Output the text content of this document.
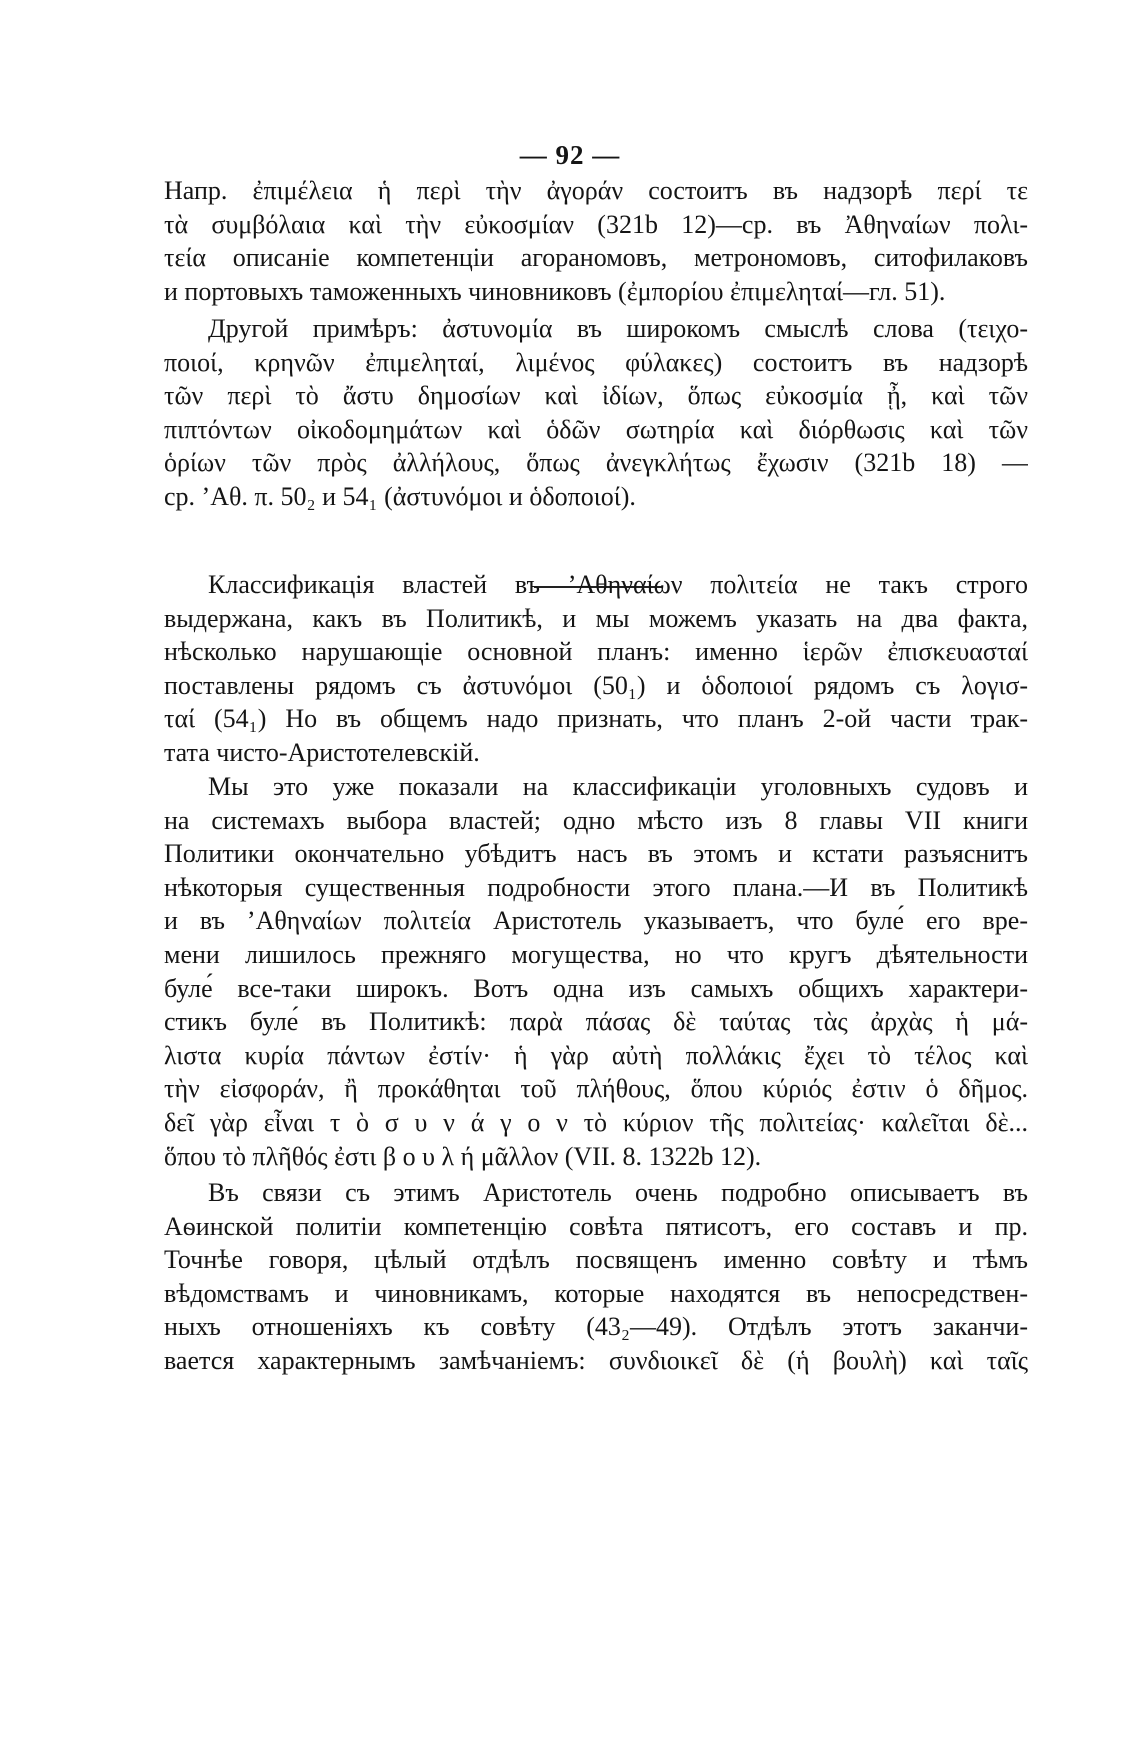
— 92 —
Напр. ἐπιμέλεια ἡ περὶ τὴν ἀγοράν состоитъ въ надзорѣ περί τε
τὰ συμβόλαια καὶ τὴν εὐκοσμίαν (321b 12)—ср. въ Ἀθηναίων πολι-
τεία описаніе компетенціи агораномовъ, метрономовъ, ситофилаковъ
и портовыхъ таможенныхъ чиновниковъ (ἐμπορίου ἐπιμεληταί—гл. 51).
Другой примѣръ: ἀστυνομία въ широкомъ смыслѣ слова (τειχο-
ποιοί, κρηνῶν ἐπιμεληταί, λιμένος φύλακες) состоитъ въ надзорѣ
τῶν περὶ τὸ ἄστυ δημοσίων καὶ ἰδίων, ὅπως εὐκοσμία ᾖ, καὶ τῶν
πιπτόντων οἰκοδομημάτων καὶ ὁδῶν σωτηρία καὶ διόρθωσις καὶ τῶν
ὁρίων τῶν πρὸς ἀλλήλους, ὅπως ἀνεγκλήτως ἔχωσιν (321b 18) —
ср. ’Αθ. π. 50₂ и 54₁ (ἀστυνόμοι и ὁδοποιοί).
Классификація властей въ ’Αθηναίων πολιτεία не такъ строго
выдержана, какъ въ Политикѣ, и мы можемъ указать на два факта,
нѣсколько нарушающіе основной планъ: именно ἱερῶν ἐπισκευασταί
поставлены рядомъ съ ἀστυνόμοι (50₁) и ὁδοποιοί рядомъ съ λογισ-
ταί (54₁) Но въ общемъ надо признать, что планъ 2-ой части трак-
тата чисто-Аристотелевскій.
Мы это уже показали на классификаціи уголовныхъ судовъ и
на системахъ выбора властей; одно мѣсто изъ 8 главы VII книги
Политики окончательно убѣдитъ насъ въ этомъ и кстати разъяснитъ
нѣкоторыя существенныя подробности этого плана.—И въ Политикѣ
и въ ’Αθηναίων πολιτεία Аристотель указываетъ, что буле́ его вре-
мени лишилось прежняго могущества, но что кругъ дѣятельности
буле́ все-таки широкъ. Вотъ одна изъ самыхъ общихъ характери-
стикъ буле́ въ Политикѣ: παρὰ πάσας δὲ ταύτας τὰς ἀρχὰς ἡ μά-
λιστα κυρία πάντων ἐστίν· ἡ γὰρ αὐτὴ πολλάκις ἔχει τὸ τέλος καὶ
τὴν εἰσφοράν, ἢ προκάθηται τοῦ πλήθους, ὅπου κύριός ἐστιν ὁ δῆμος.
δεῖ γὰρ εἶναι τ ὸ σ υ ν ά γ ο ν τὸ κύριον τῆς πολιτείας· καλεῖται δὲ...
ὅπου τὸ πλῆθός ἐστι β ο υ λ ή μᾶλλον (VII. 8. 1322b 12).
Въ связи съ этимъ Аристотель очень подробно описываетъ въ
Аѳинской политіи компетенцію совѣта пятисотъ, его составъ и пр.
Точнѣе говоря, цѣлый отдѣлъ посвященъ именно совѣту и тѣмъ
вѣдомствамъ и чиновникамъ, которые находятся въ непосредствен-
ныхъ отношеніяхъ къ совѣту (43₂—49). Отдѣлъ этотъ заканчи-
вается характернымъ замѣчаніемъ: συνδιοικεῖ δὲ (ἡ βουλὴ) καὶ ταῖς
